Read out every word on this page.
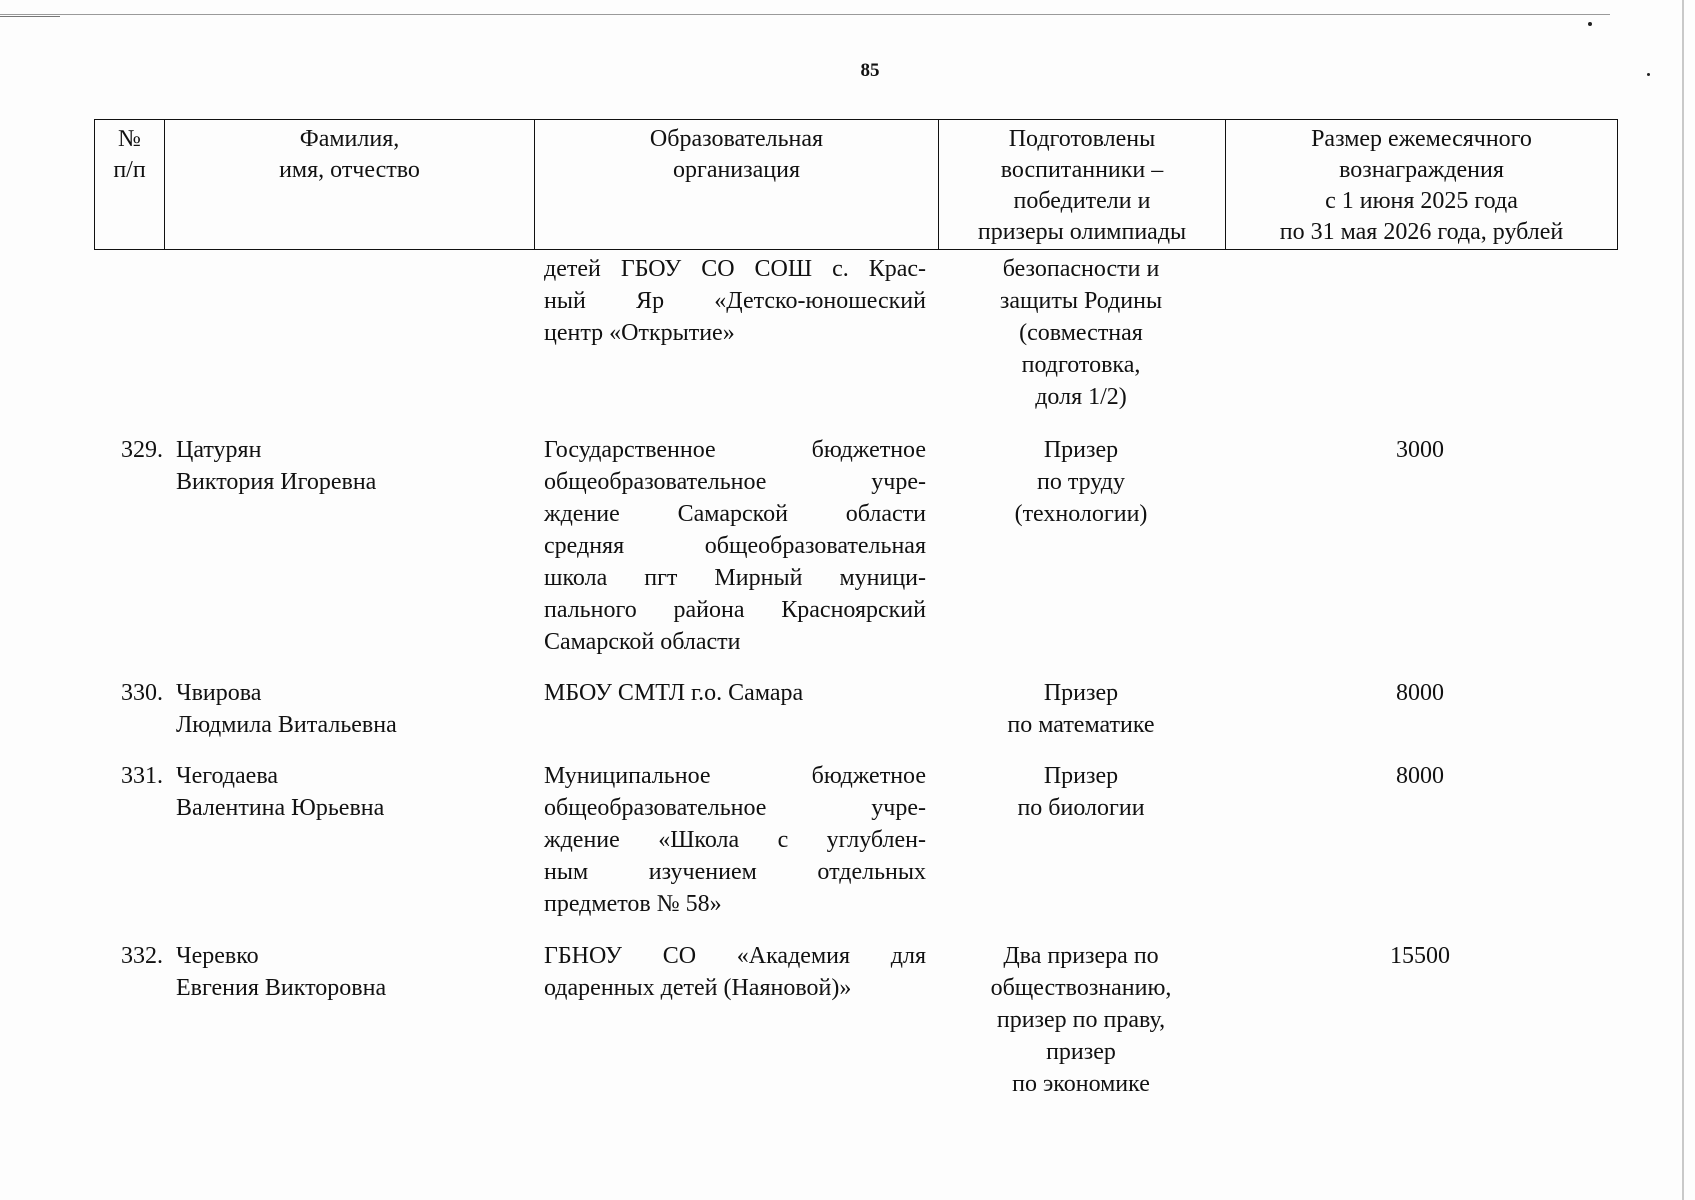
85
№
п/п
Фамилия,
имя, отчество
Образовательная
организация
Подготовлены
воспитанники –
победители и
призеры олимпиады
Размер ежемесячного
вознаграждения
с 1 июня 2025 года
по 31 мая 2026 года, рублей
детей ГБОУ СО СОШ с. Крас-
ный Яр «Детско-юношеский
центр «Открытие»
безопасности и
защиты Родины
(совместная
подготовка,
доля 1/2)
329. Цатурян
Виктория Игоревна
Государственное бюджетное
общеобразовательное учре-
ждение Самарской области
средняя общеобразовательная
школа пгт Мирный муници-
пального района Красноярский
Самарской области
Призер
по труду
(технологии)
3000
330. Чвирова
Людмила Витальевна
МБОУ СМТЛ г.о. Самара	Призер
по математике
8000
331. Чегодаева
Валентина Юрьевна
Муниципальное бюджетное
общеобразовательное учре-
ждение «Школа с углублен-
ным изучением отдельных
предметов № 58»
Призер
по биологии
8000
332. Черевко
Евгения Викторовна
ГБНОУ СО «Академия для
одаренных детей (Наяновой)»
Два призера по
обществознанию,
призер по праву,
призер
по экономике
15500
